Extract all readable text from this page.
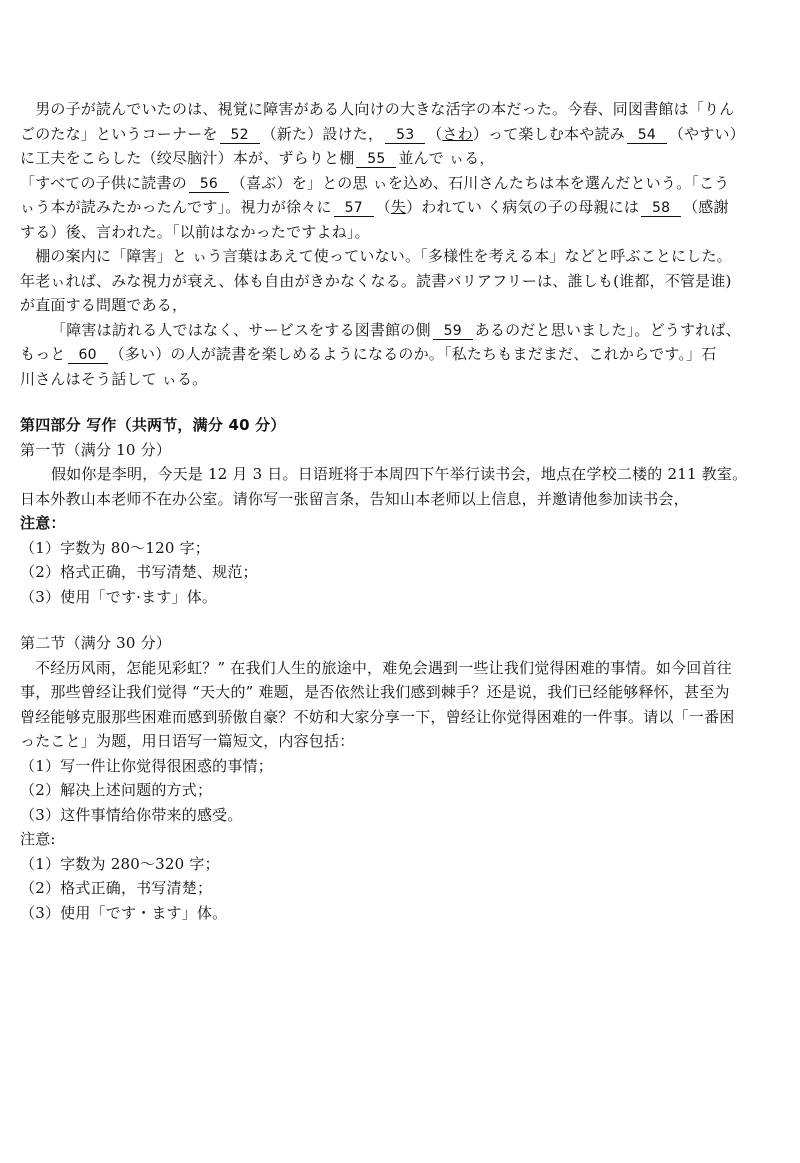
　男の子が読んでいたのは、視覚に障害がある人向けの大きな活字の本だった。今春、同図書館は「りん
ごのたな」というコーナーを 52 （新た）設けた， 53 （さわ）って楽しむ本や読み 54 （やすい）
に工夫をこらした（绞尽脑汁）本が、ずらりと棚 55 並んで ぃる，
「すべての子供に読書の 56 （喜ぶ）を」との思 ぃを込め、石川さんたちは本を選んだという。「こう
ぃう本が読みたかったんです」。視力が徐々に 57 （失）われてい く病気の子の母親には 58 （感謝
する）後、言われた。「以前はなかったですよね」。
　棚の案内に「障害」と ぃう言葉はあえて使っていない。「多様性を考える本」などと呼ぶことにした。
年老ぃれば、みな視力が衰え、体も自由がきかなくなる。読書バリアフリーは、誰しも(谁都，不管是谁)
が直面する問題である，
「障害は訪れる人ではなく、サービスをする図書館の側 59 あるのだと思いました」。どうすれば、
もっと 60 （多い）の人が読書を楽しめるようになるのか。「私たちもまだまだ、これからです。」石
川さんはそう話して ぃる。
第四部分 写作（共两节，满分 40 分）
第一节（满分 10 分）
假如你是李明，今天是 12 月 3 日。日语班将于本周四下午举行读书会，地点在学校二楼的 211 教室。
日本外教山本老师不在办公室。请你写一张留言条，告知山本老师以上信息，并邀请他参加读书会，
注意：
（1）字数为 80～120 字；
（2）格式正确，书写清楚、规范；
（3）使用「です·ます」体。
第二节（满分 30 分）
不经历风雨，怎能见彩虹？” 在我们人生的旅途中，难免会遇到一些让我们觉得困难的事情。如今回首往
事，那些曾经让我们觉得 “天大的” 难题，是否依然让我们感到棘手？还是说，我们已经能够释怀，甚至为
曾经能够克服那些困难而感到骄傲自豪？不妨和大家分享一下，曾经让你觉得困难的一件事。请以「一番困
ったこと」为题，用日语写一篇短文，内容包括：
（1）写一件让你觉得很困惑的事情；
（2）解决上述问题的方式；
（3）这件事情给你带来的感受。
注意:
（1）字数为 280～320 字；
（2）格式正确，书写清楚；
（3）使用「です・ます」体。
